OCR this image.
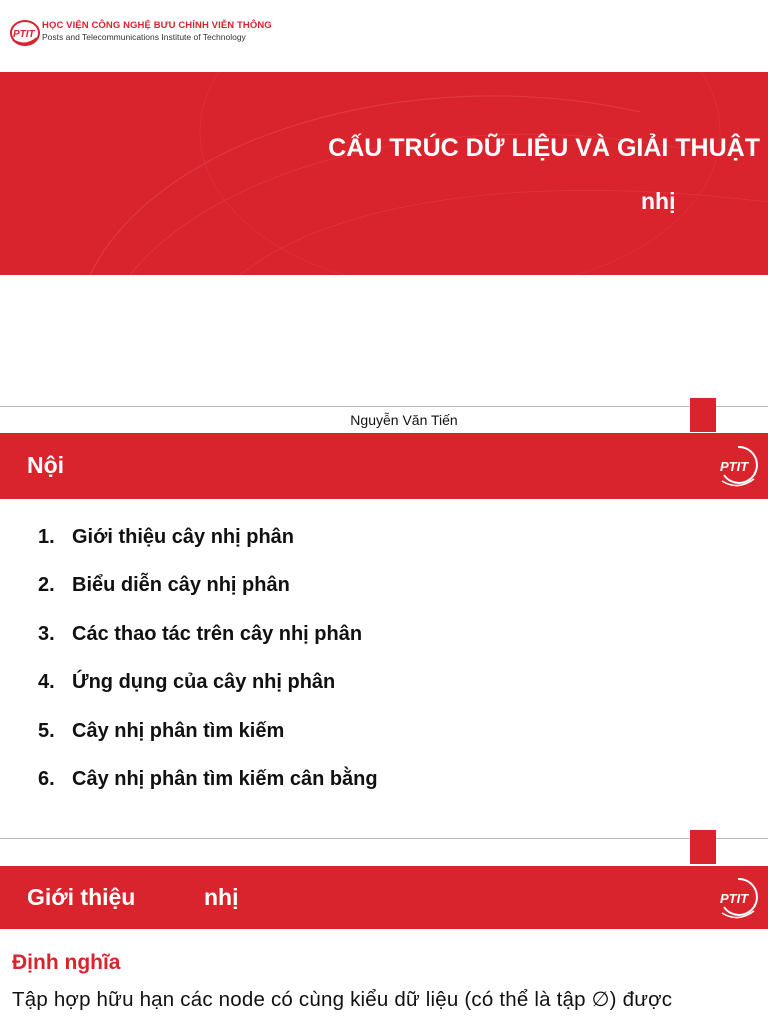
PTIT
HỌC VIỆN CÔNG NGHỆ BƯU CHÍNH VIỄN THÔNG
Posts and Telecommunications Institute of Technology
CẤU TRÚC DỮ LIỆU VÀ GIẢI THUẬT
nhị
Nguyễn Văn Tiến
Nội	PTIT
1. Giới thiệu cây nhị phân
2. Biểu diễn cây nhị phân
3. Các thao tác trên cây nhị phân
4. Ứng dụng của cây nhị phân
5. Cây nhị phân tìm kiếm
6. Cây nhị phân tìm kiếm cân bằng
Giới thiệu	nhị	PTIT
Định nghĩa
Tập hợp hữu hạn các node có cùng kiểu dữ liệu (có thể là tập ∅) được
